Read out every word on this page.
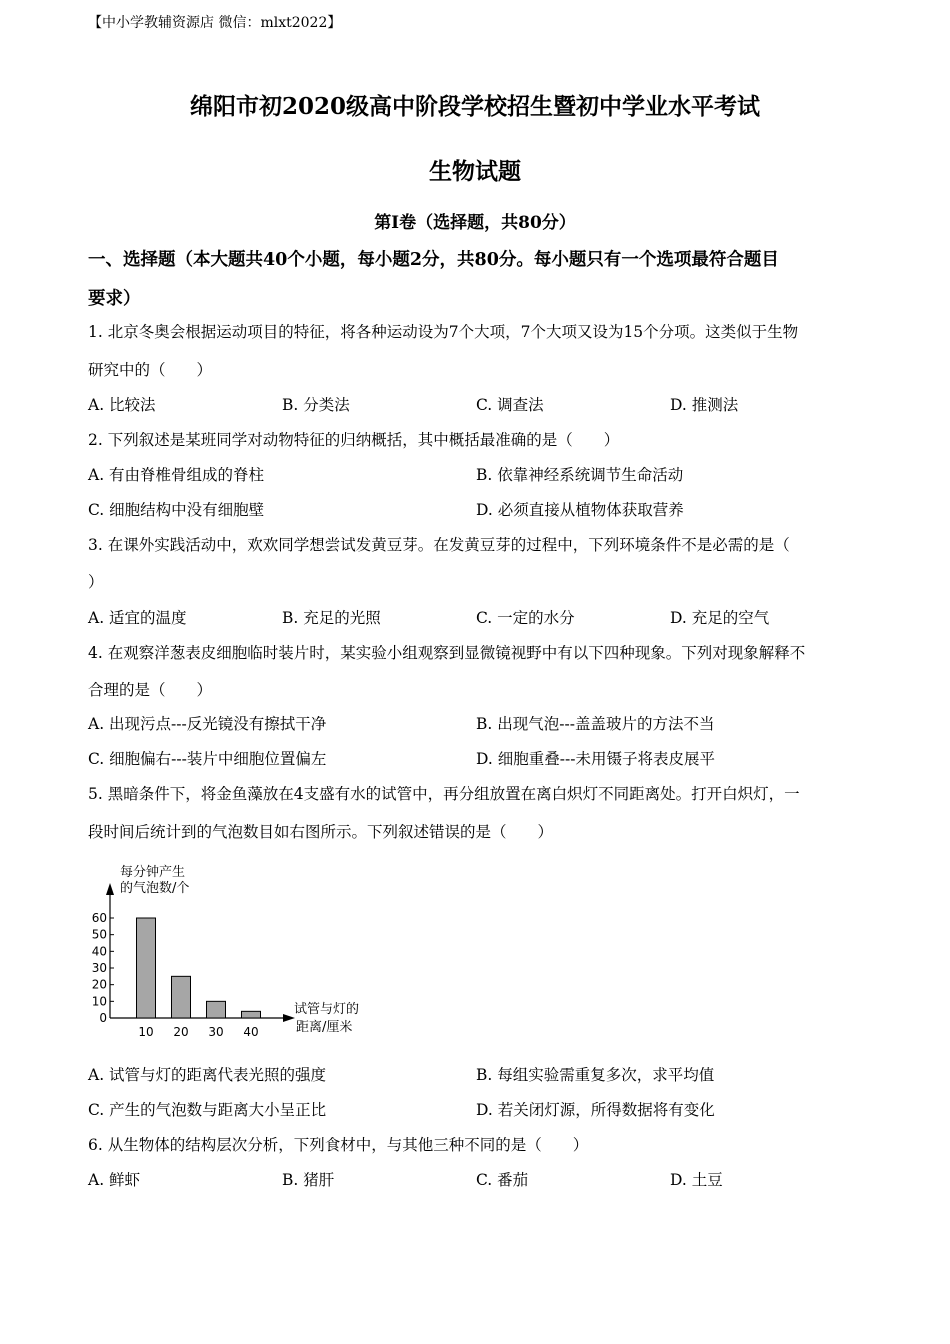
【中小学教辅资源店 微信：mlxt2022】
绵阳市初2020级高中阶段学校招生暨初中学业水平考试
生物试题
第I卷（选择题，共80分）
一、选择题（本大题共40个小题，每小题2分，共80分。每小题只有一个选项最符合题目
要求）
1. 北京冬奥会根据运动项目的特征，将各种运动设为7个大项，7个大项又设为15个分项。这类似于生物
研究中的（　　）
A. 比较法	B. 分类法	C. 调查法	D. 推测法
2. 下列叙述是某班同学对动物特征的归纳概括，其中概括最准确的是（　　）
A. 有由脊椎骨组成的脊柱	B. 依靠神经系统调节生命活动
C. 细胞结构中没有细胞壁	D. 必须直接从植物体获取营养
3. 在课外实践活动中，欢欢同学想尝试发黄豆芽。在发黄豆芽的过程中，下列环境条件不是必需的是（
）
A. 适宜的温度	B. 充足的光照	C. 一定的水分	D. 充足的空气
4. 在观察洋葱表皮细胞临时装片时，某实验小组观察到显微镜视野中有以下四种现象。下列对现象解释不
合理的是（　　）
A. 出现污点---反光镜没有擦拭干净	B. 出现气泡---盖盖玻片的方法不当
C. 细胞偏右---装片中细胞位置偏左	D. 细胞重叠---未用镊子将表皮展平
5. 黑暗条件下，将金鱼藻放在4支盛有水的试管中，再分组放置在离白炽灯不同距离处。打开白炽灯，一
段时间后统计到的气泡数目如右图所示。下列叙述错误的是（　　）
0
10
20
30
40
50
60
10 20 30 40
每分钟产生
的气泡数/个
试管与灯的
距离/厘米
A. 试管与灯的距离代表光照的强度	B. 每组实验需重复多次，求平均值
C. 产生的气泡数与距离大小呈正比	D. 若关闭灯源，所得数据将有变化
6. 从生物体的结构层次分析，下列食材中，与其他三种不同的是（　　）
A. 鲜虾	B. 猪肝	C. 番茄	D. 土豆
